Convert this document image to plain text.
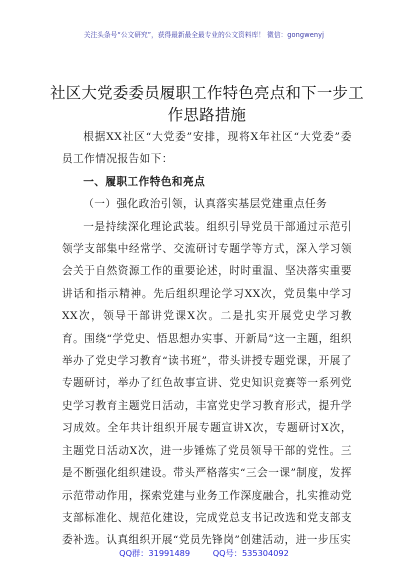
关注头条号“公文研究”，获得最新最全最专业的公文资料库！ 微信：gongwenyj
社区大党委委员履职工作特色亮点和下一步工作思路措施

根据XX社区“大党委”安排，现将X年社区“大党委”委员工作情况报告如下：

一、履职工作特色和亮点

（一）强化政治引领，认真落实基层党建重点任务

一是持续深化理论武装。组织引导党员干部通过示范引领学支部集中经常学、交流研讨专题学等方式，深入学习领会关于自然资源工作的重要论述，时时重温、坚决落实重要讲话和指示精神。先后组织理论学习XX次，党员集中学习XX次，领导干部讲党课X次。二是扎实开展党史学习教育。围绕“学党史、悟思想办实事、开新局”这一主题，组织举办了党史学习教育“读书班”，带头讲授专题党课，开展了专题研讨，举办了红色故事宣讲、党史知识竞赛等一系列党史学习教育主题党日活动，丰富党史学习教育形式，提升学习成效。全年共计组织开展专题宣讲X次，专题研讨X次，主题党日活动X次，进一步锤炼了党员领导干部的党性。三是不断强化组织建设。带头严格落实“三会一课”制度，发挥示范带动作用，探索党建与业务工作深度融合，扎实推动党支部标准化、规范化建设，完成党总支书记改选和党支部支委补选。认真组织开展“党员先锋岗”创建活动，进一步压实

QQ群：31991489	QQ号：535304092
